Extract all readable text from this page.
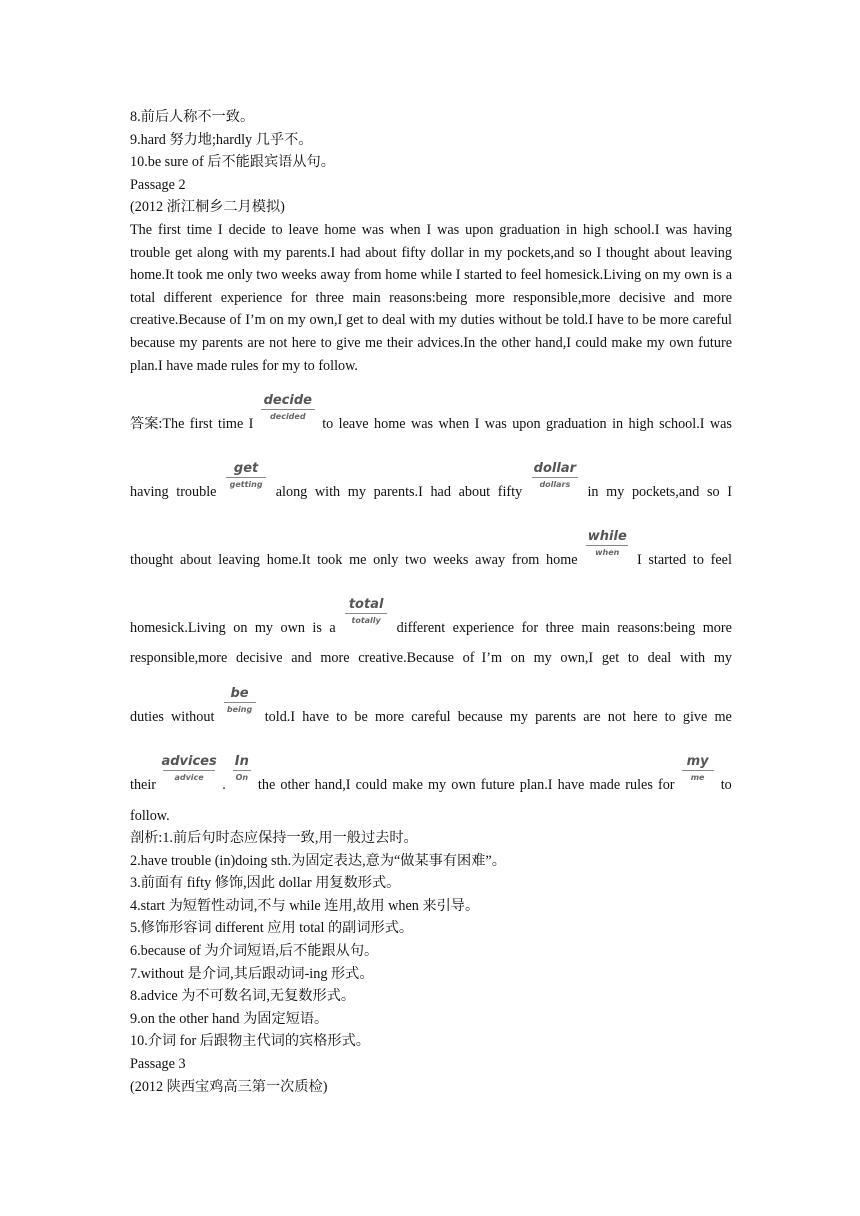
8.前后人称不一致。
9.hard 努力地;hardly 几乎不。
10.be sure of 后不能跟宾语从句。
Passage 2
(2012 浙江桐乡二月模拟)
The first time I decide to leave home was when I was upon graduation in high school.I was having trouble get along with my parents.I had about fifty dollar in my pockets,and so I thought about leaving home.It took me only two weeks away from home while I started to feel homesick.Living on my own is a total different experience for three main reasons:being more responsible,more decisive and more creative.Because of I’m on my own,I get to deal with my duties without be told.I have to be more careful because my parents are not here to give me their advices.In the other hand,I could make my own future plan.I have made rules for my to follow.
答案:The first time I
decide
decided	to leave home was when I was upon graduation in high school.I was
having trouble
get
getting along with my parents.I had about fifty
dollar
dollars	in my pockets,and so I
thought about leaving home.It took me only two weeks away from home
while
when	I started to feel
homesick.Living on my own is a
total
totally	different experience for three main reasons:being more
responsible,more decisive and more creative.Because of  I’m on my own,I get to deal with my
duties without
be
being told.I have to be more careful because my parents are not here to give me
their
advices
advice	.
In
On the other hand,I could make my own future plan.I have made rules for
my
me	to
follow.
剖析:1.前后句时态应保持一致,用一般过去时。
2.have trouble (in)doing sth.为固定表达,意为“做某事有困难”。
3.前面有 fifty 修饰,因此 dollar 用复数形式。
4.start 为短暂性动词,不与 while 连用,故用 when 来引导。
5.修饰形容词 different 应用 total 的副词形式。
6.because of 为介词短语,后不能跟从句。
7.without 是介词,其后跟动词-ing 形式。
8.advice 为不可数名词,无复数形式。
9.on the other hand 为固定短语。
10.介词 for 后跟物主代词的宾格形式。
Passage 3
(2012 陕西宝鸡高三第一次质检)
